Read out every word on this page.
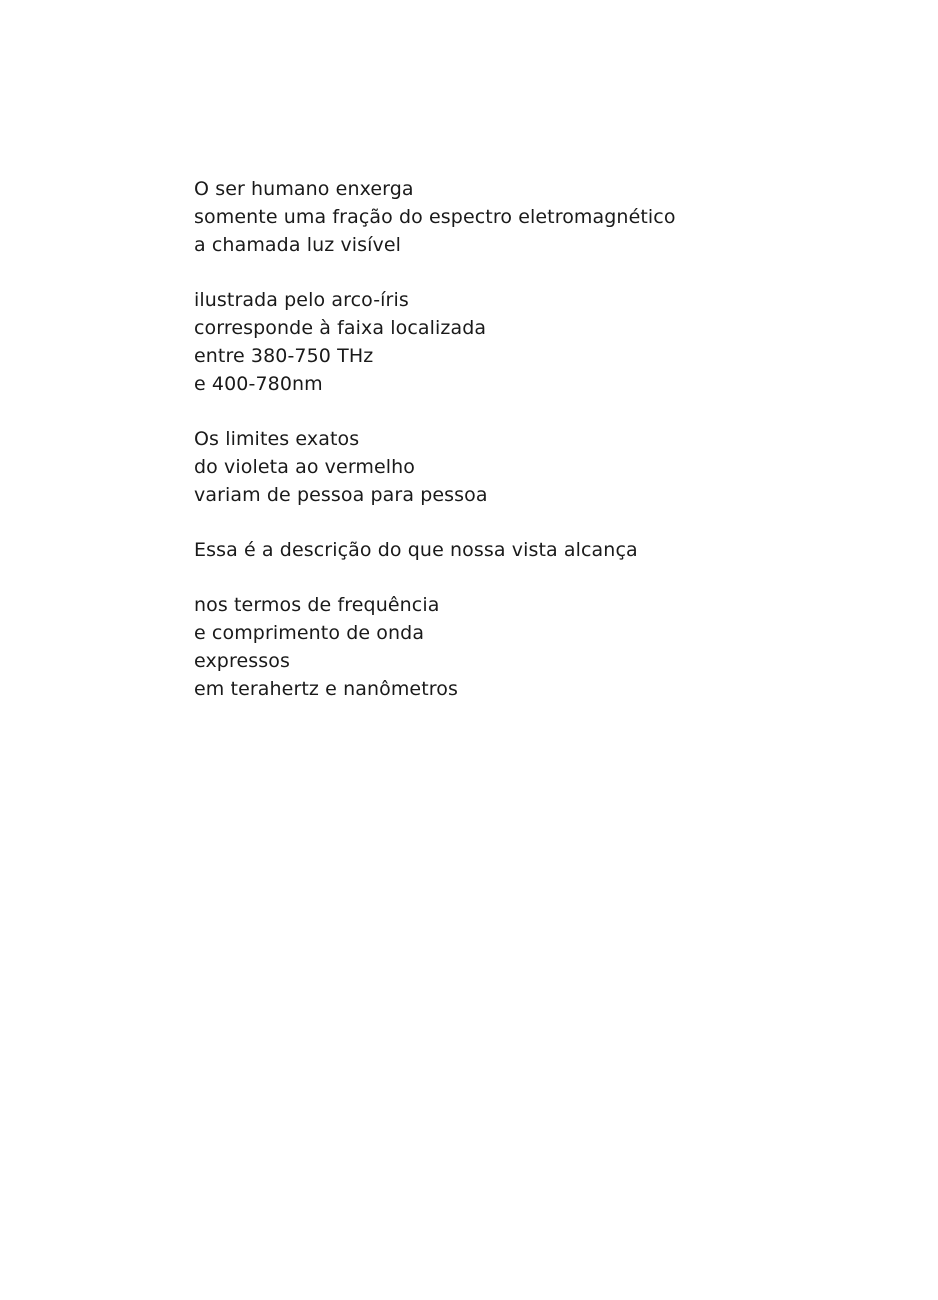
O ser humano enxerga
somente uma fração do espectro eletromagnético
a chamada luz visível
ilustrada pelo arco-íris
corresponde à faixa localizada
entre 380-750 THz
e 400-780nm
Os limites exatos
do violeta ao vermelho
variam de pessoa para pessoa
Essa é a descrição do que nossa vista alcança
nos termos de frequência
e comprimento de onda
expressos
em terahertz e nanômetros
